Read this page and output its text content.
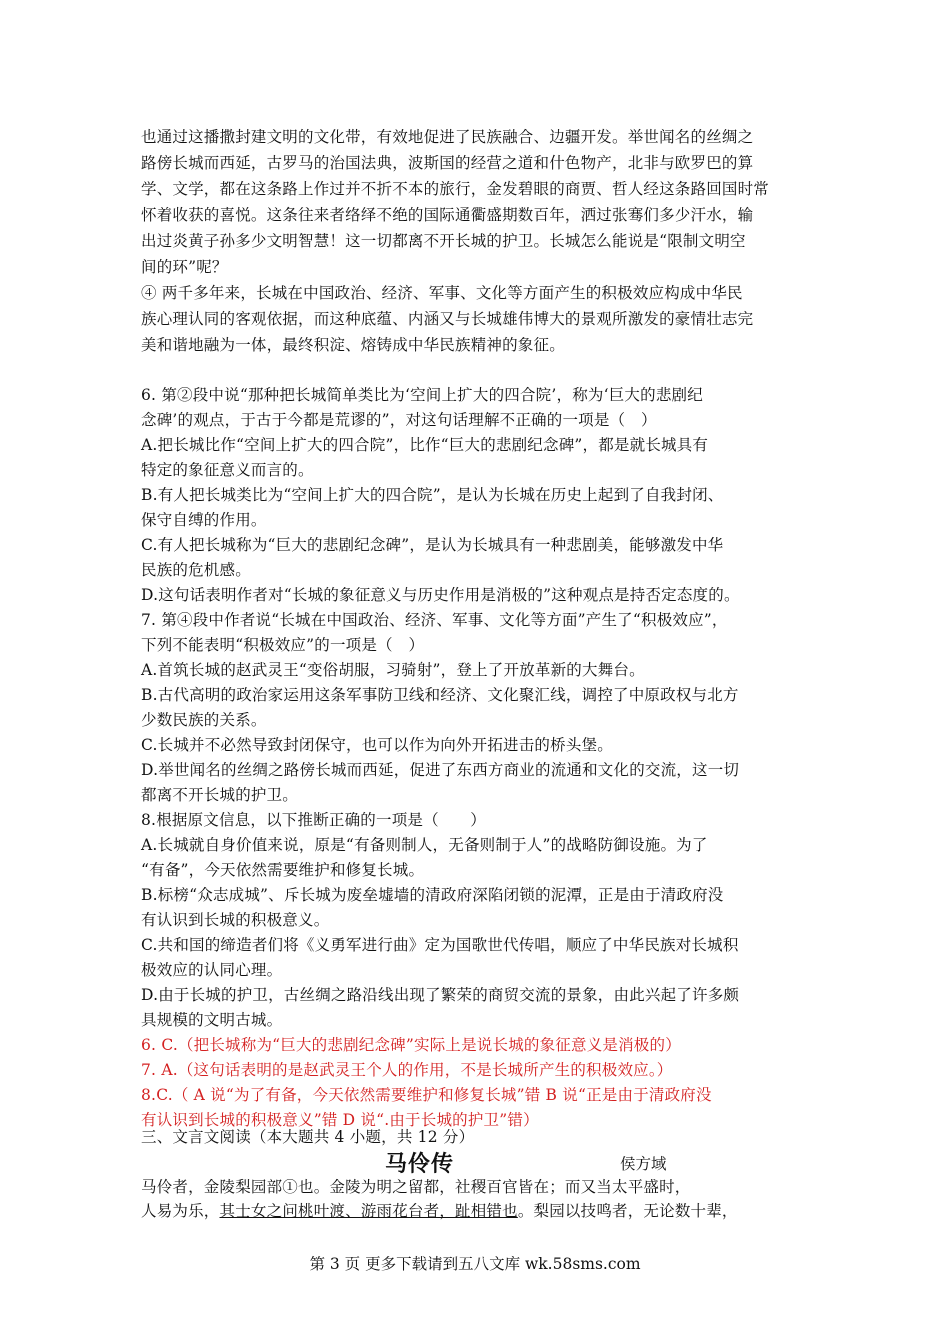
也通过这播撒封建文明的文化带，有效地促进了民族融合、边疆开发。举世闻名的丝绸之
路傍长城而西延，古罗马的治国法典，波斯国的经营之道和什色物产，北非与欧罗巴的算
学、文学，都在这条路上作过并不折不本的旅行，金发碧眼的商贾、哲人经这条路回国时常
怀着收获的喜悦。这条往来者络绎不绝的国际通衢盛期数百年，洒过张骞们多少汗水，输
出过炎黄子孙多少文明智慧！这一切都离不开长城的护卫。长城怎么能说是“限制文明空
间的环”呢？
④ 两千多年来，长城在中国政治、经济、军事、文化等方面产生的积极效应构成中华民
族心理认同的客观依据，而这种底蕴、内涵又与长城雄伟博大的景观所激发的豪情壮志完
美和谐地融为一体，最终积淀、熔铸成中华民族精神的象征。
6. 第②段中说“那种把长城简单类比为‘空间上扩大的四合院’，称为‘巨大的悲剧纪
念碑’的观点，于古于今都是荒谬的”，对这句话理解不正确的一项是（　）
A.把长城比作“空间上扩大的四合院”，比作“巨大的悲剧纪念碑”，都是就长城具有
特定的象征意义而言的。
B.有人把长城类比为“空间上扩大的四合院”，是认为长城在历史上起到了自我封闭、
保守自缚的作用。
C.有人把长城称为“巨大的悲剧纪念碑”，是认为长城具有一种悲剧美，能够激发中华
民族的危机感。
D.这句话表明作者对“长城的象征意义与历史作用是消极的”这种观点是持否定态度的。
7. 第④段中作者说“长城在中国政治、经济、军事、文化等方面”产生了“积极效应”，
下列不能表明“积极效应”的一项是（　）
A.首筑长城的赵武灵王“变俗胡服，习骑射”，登上了开放革新的大舞台。
B.古代高明的政治家运用这条军事防卫线和经济、文化聚汇线，调控了中原政权与北方
少数民族的关系。
C.长城并不必然导致封闭保守，也可以作为向外开拓进击的桥头堡。
D.举世闻名的丝绸之路傍长城而西延，促进了东西方商业的流通和文化的交流，这一切
都离不开长城的护卫。
8.根据原文信息，以下推断正确的一项是（　　）
A.长城就自身价值来说，原是“有备则制人，无备则制于人”的战略防御设施。为了
“有备”，今天依然需要维护和修复长城。
B.标榜“众志成城”、斥长城为废垒墟墙的清政府深陷闭锁的泥潭，正是由于清政府没
有认识到长城的积极意义。
C.共和国的缔造者们将《义勇军进行曲》定为国歌世代传唱，顺应了中华民族对长城积
极效应的认同心理。
D.由于长城的护卫，古丝绸之路沿线出现了繁荣的商贸交流的景象，由此兴起了许多颇
具规模的文明古城。
6. C.（把长城称为“巨大的悲剧纪念碑”实际上是说长城的象征意义是消极的）
7. A.（这句话表明的是赵武灵王个人的作用，不是长城所产生的积极效应。）
8.C.（ A 说“为了有备，今天依然需要维护和修复长城”错 B 说“正是由于清政府没
有认识到长城的积极意义”错 D 说“.由于长城的护卫”错）
三、文言文阅读（本大题共 4 小题，共 12 分）
马伶传	侯方域
马伶者，金陵梨园部①也。金陵为明之留都，社稷百官皆在；而又当太平盛时，
人易为乐，其士女之问桃叶渡、游雨花台者，趾相错也。梨园以技鸣者，无论数十辈，
第 3 页 更多下载请到五八文库 wk.58sms.com
